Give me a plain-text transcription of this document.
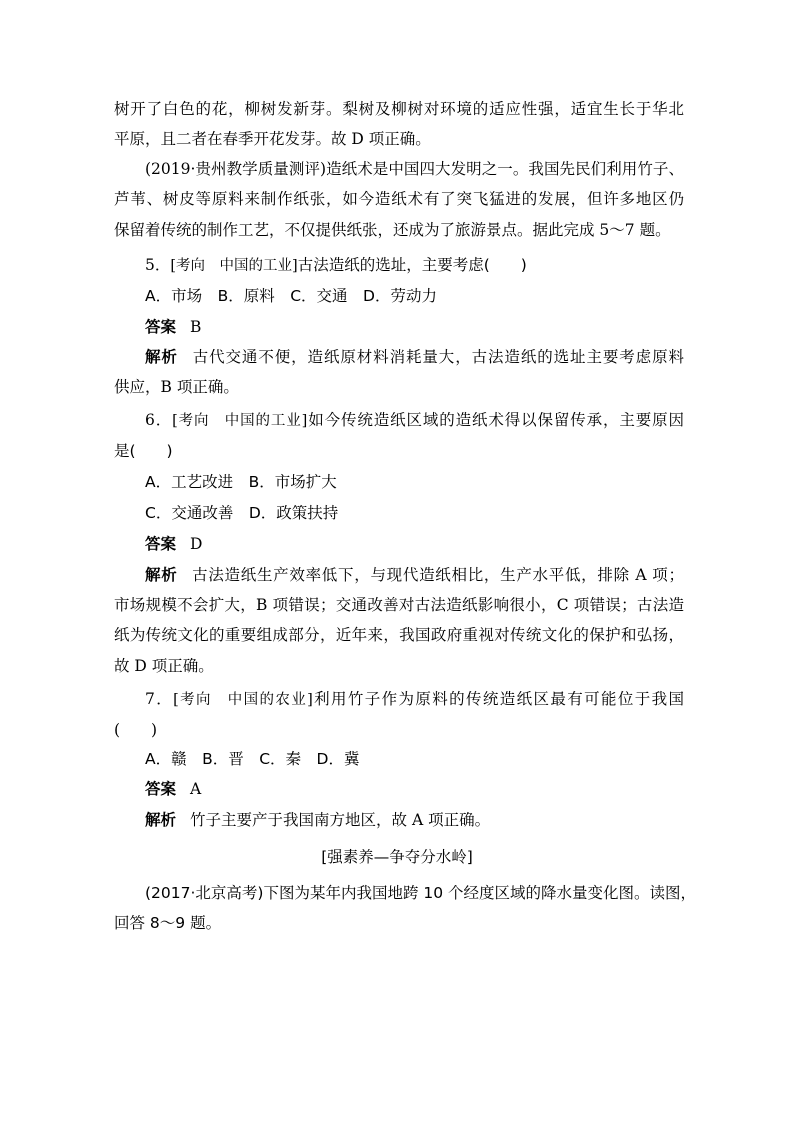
树开了白色的花，柳树发新芽。梨树及柳树对环境的适应性强，适宜生长于华北
平原，且二者在春季开花发芽。故 D 项正确。
(2019·贵州教学质量测评)造纸术是中国四大发明之一。我国先民们利用竹子、
芦苇、树皮等原料来制作纸张，如今造纸术有了突飞猛进的发展，但许多地区仍
保留着传统的制作工艺，不仅提供纸张，还成为了旅游景点。据此完成 5～7 题。
5．[考向　中国的工业]古法造纸的选址，主要考虑(　　)
A．市场　B．原料　C．交通　D．劳动力
答案 B
解析 古代交通不便，造纸原材料消耗量大，古法造纸的选址主要考虑原料
供应，B 项正确。
6．[考向　中国的工业]如今传统造纸区域的造纸术得以保留传承，主要原因
是(　　)
A．工艺改进　B．市场扩大
C．交通改善　D．政策扶持
答案 D
解析 古法造纸生产效率低下，与现代造纸相比，生产水平低，排除 A 项；
市场规模不会扩大，B 项错误；交通改善对古法造纸影响很小，C 项错误；古法造
纸为传统文化的重要组成部分，近年来，我国政府重视对传统文化的保护和弘扬，
故 D 项正确。
7．[考向　中国的农业]利用竹子作为原料的传统造纸区最有可能位于我国
(　　)
A．赣　B．晋　C．秦　D．冀
答案 A
解析 竹子主要产于我国南方地区，故 A 项正确。
[强素养—争夺分水岭]
(2017·北京高考)下图为某年内我国地跨 10 个经度区域的降水量变化图。读图，
回答 8～9 题。
